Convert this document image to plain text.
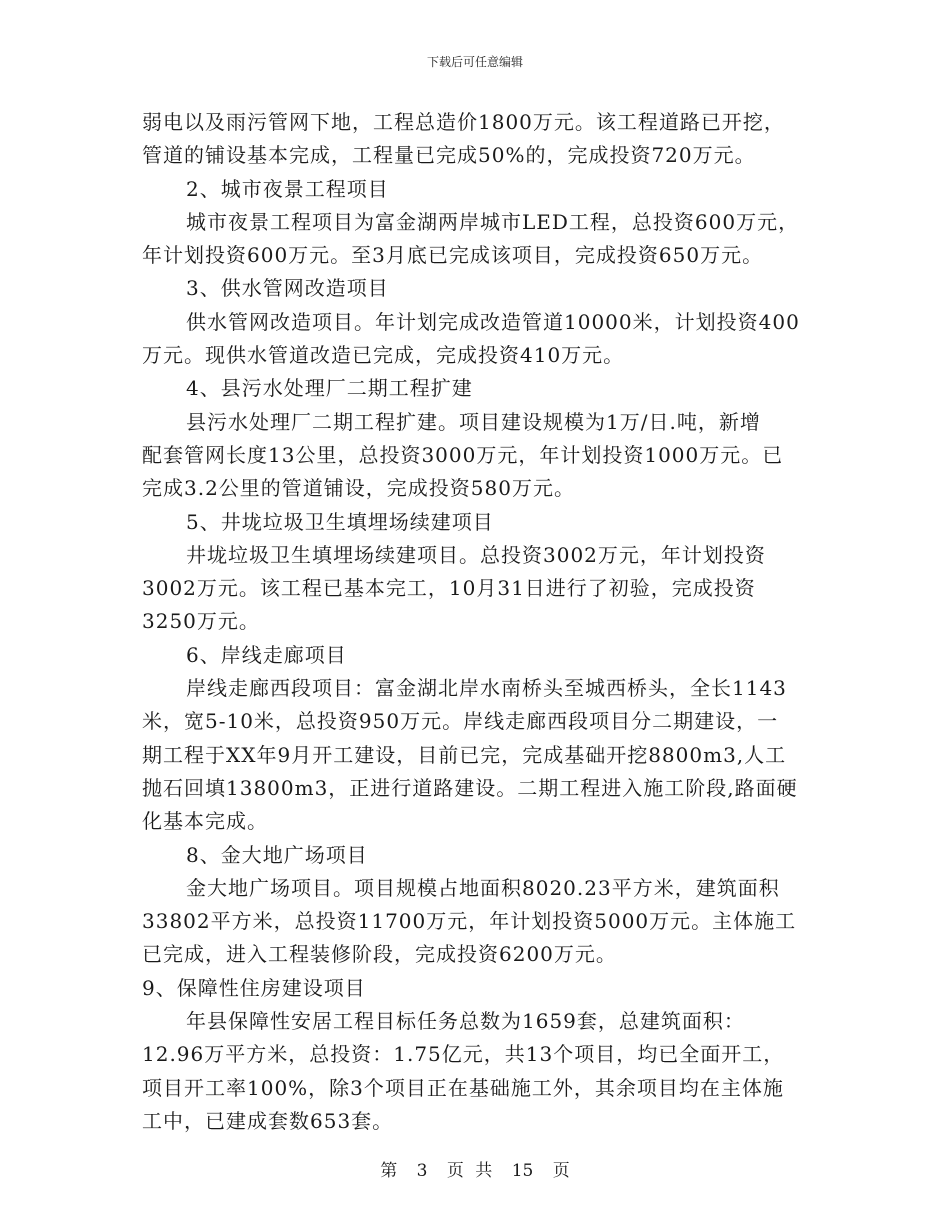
下载后可任意编辑
弱电以及雨污管网下地，工程总造价1800万元。该工程道路已开挖，
管道的铺设基本完成，工程量已完成50%的，完成投资720万元。
2、城市夜景工程项目
城市夜景工程项目为富金湖两岸城市LED工程，总投资600万元，
年计划投资600万元。至3月底已完成该项目，完成投资650万元。
3、供水管网改造项目
供水管网改造项目。年计划完成改造管道10000米，计划投资400
万元。现供水管道改造已完成，完成投资410万元。
4、县污水处理厂二期工程扩建
县污水处理厂二期工程扩建。项目建设规模为1万/日.吨，新增
配套管网长度13公里，总投资3000万元，年计划投资1000万元。已
完成3.2公里的管道铺设，完成投资580万元。
5、井垅垃圾卫生填埋场续建项目
井垅垃圾卫生填埋场续建项目。总投资3002万元，年计划投资
3002万元。该工程已基本完工，10月31日进行了初验，完成投资
3250万元。
6、岸线走廊项目
岸线走廊西段项目：富金湖北岸水南桥头至城西桥头，全长1143
米，宽5-10米，总投资950万元。岸线走廊西段项目分二期建设，一
期工程于XX年9月开工建设，目前已完，完成基础开挖8800m3,人工
抛石回填13800m3，正进行道路建设。二期工程进入施工阶段,路面硬
化基本完成。
8、金大地广场项目
金大地广场项目。项目规模占地面积8020.23平方米，建筑面积
33802平方米，总投资11700万元，年计划投资5000万元。主体施工
已完成，进入工程装修阶段，完成投资6200万元。
9、保障性住房建设项目
年县保障性安居工程目标任务总数为1659套，总建筑面积：
12.96万平方米，总投资：1.75亿元，共13个项目，均已全面开工，
项目开工率100%，除3个项目正在基础施工外，其余项目均在主体施
工中，已建成套数653套。
第 3 页 共 15 页
